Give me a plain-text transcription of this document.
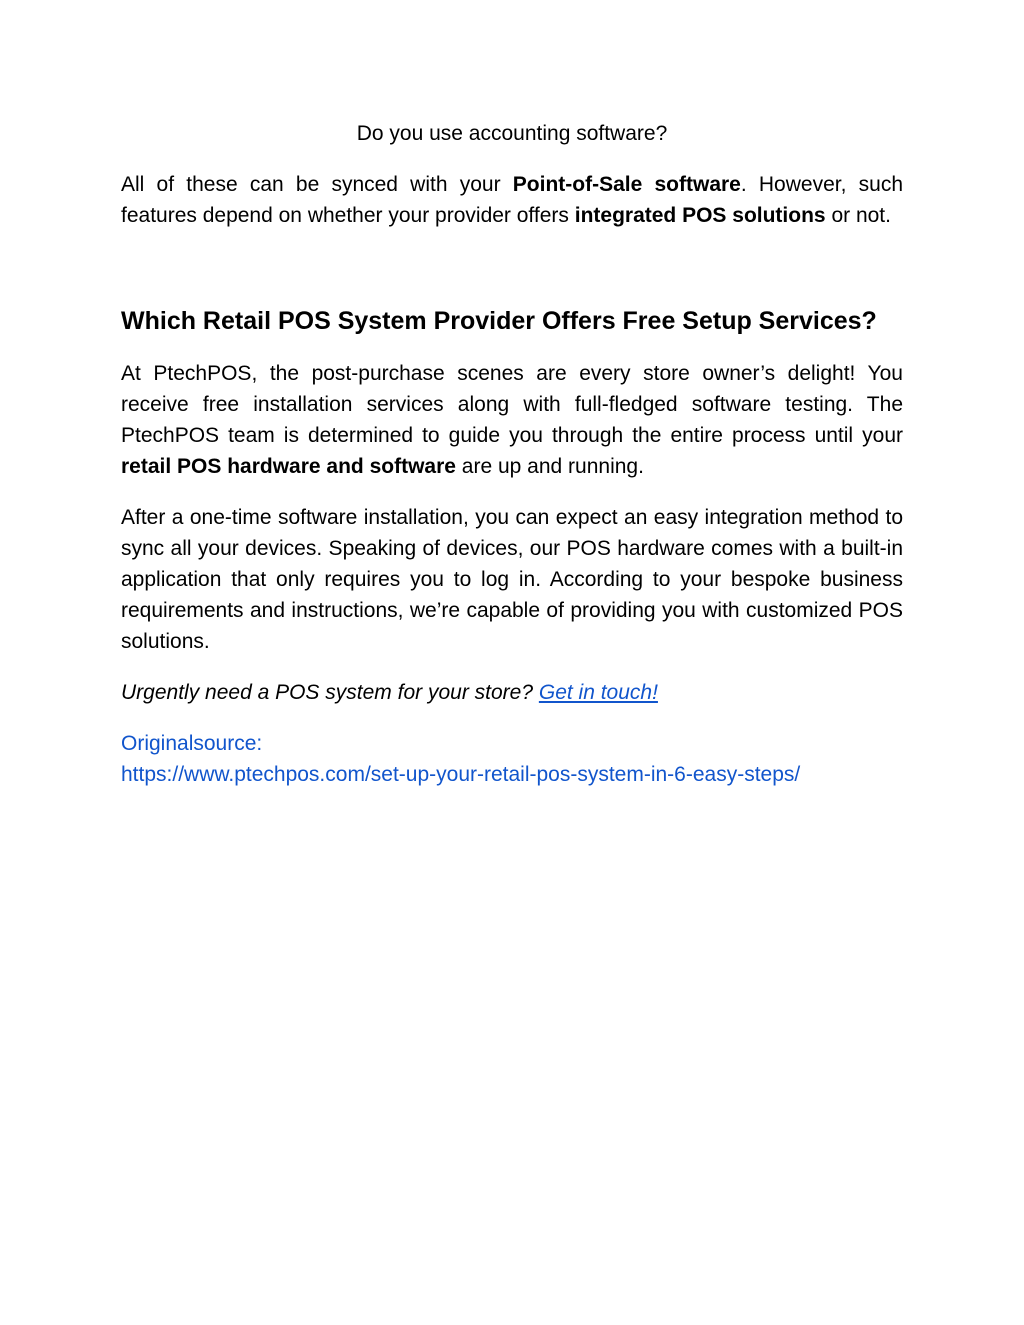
Do you use accounting software?

All of these can be synced with your Point-of-Sale software. However, such features depend on whether your provider offers integrated POS solutions or not.

Which Retail POS System Provider Offers Free Setup Services?

At PtechPOS, the post-purchase scenes are every store owner’s delight! You receive free installation services along with full-fledged software testing. The PtechPOS team is determined to guide you through the entire process until your retail POS hardware and software are up and running.

After a one-time software installation, you can expect an easy integration method to sync all your devices. Speaking of devices, our POS hardware comes with a built-in application that only requires you to log in. According to your bespoke business requirements and instructions, we’re capable of providing you with customized POS solutions.

Urgently need a POS system for your store? Get in touch!

Originalsource:
https://www.ptechpos.com/set-up-your-retail-pos-system-in-6-easy-steps/
